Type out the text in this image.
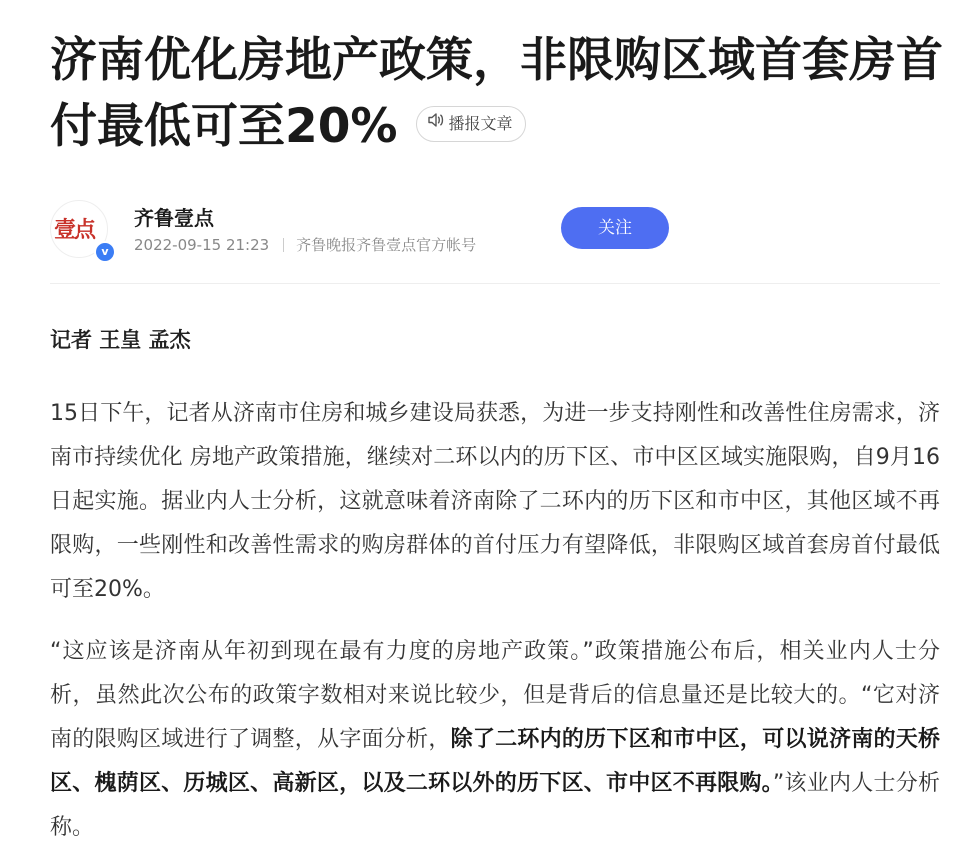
济南优化房地产政策，非限购区域首套房首付最低可至20%	播报文章
壹点
v
齐鲁壹点
2022-09-15 21:23 齐鲁晚报齐鲁壹点官方帐号
关注
记者 王皇 孟杰

15日下午，记者从济南市住房和城乡建设局获悉，为进一步支持刚性和改善性住房需求，济南市持续优化 房地产政策措施，继续对二环以内的历下区、市中区区域实施限购，自9月16日起实施。据业内人士分析，这就意味着济南除了二环内的历下区和市中区，其他区域不再限购，一些刚性和改善性需求的购房群体的首付压力有望降低，非限购区域首套房首付最低可至20%。

“这应该是济南从年初到现在最有力度的房地产政策。”政策措施公布后，相关业内人士分析，虽然此次公布的政策字数相对来说比较少，但是背后的信息量还是比较大的。“它对济南的限购区域进行了调整，从字面分析，除了二环内的历下区和市中区，可以说济南的天桥区、槐荫区、历城区、高新区，以及二环以外的历下区、市中区不再限购。”该业内人士分析称。
